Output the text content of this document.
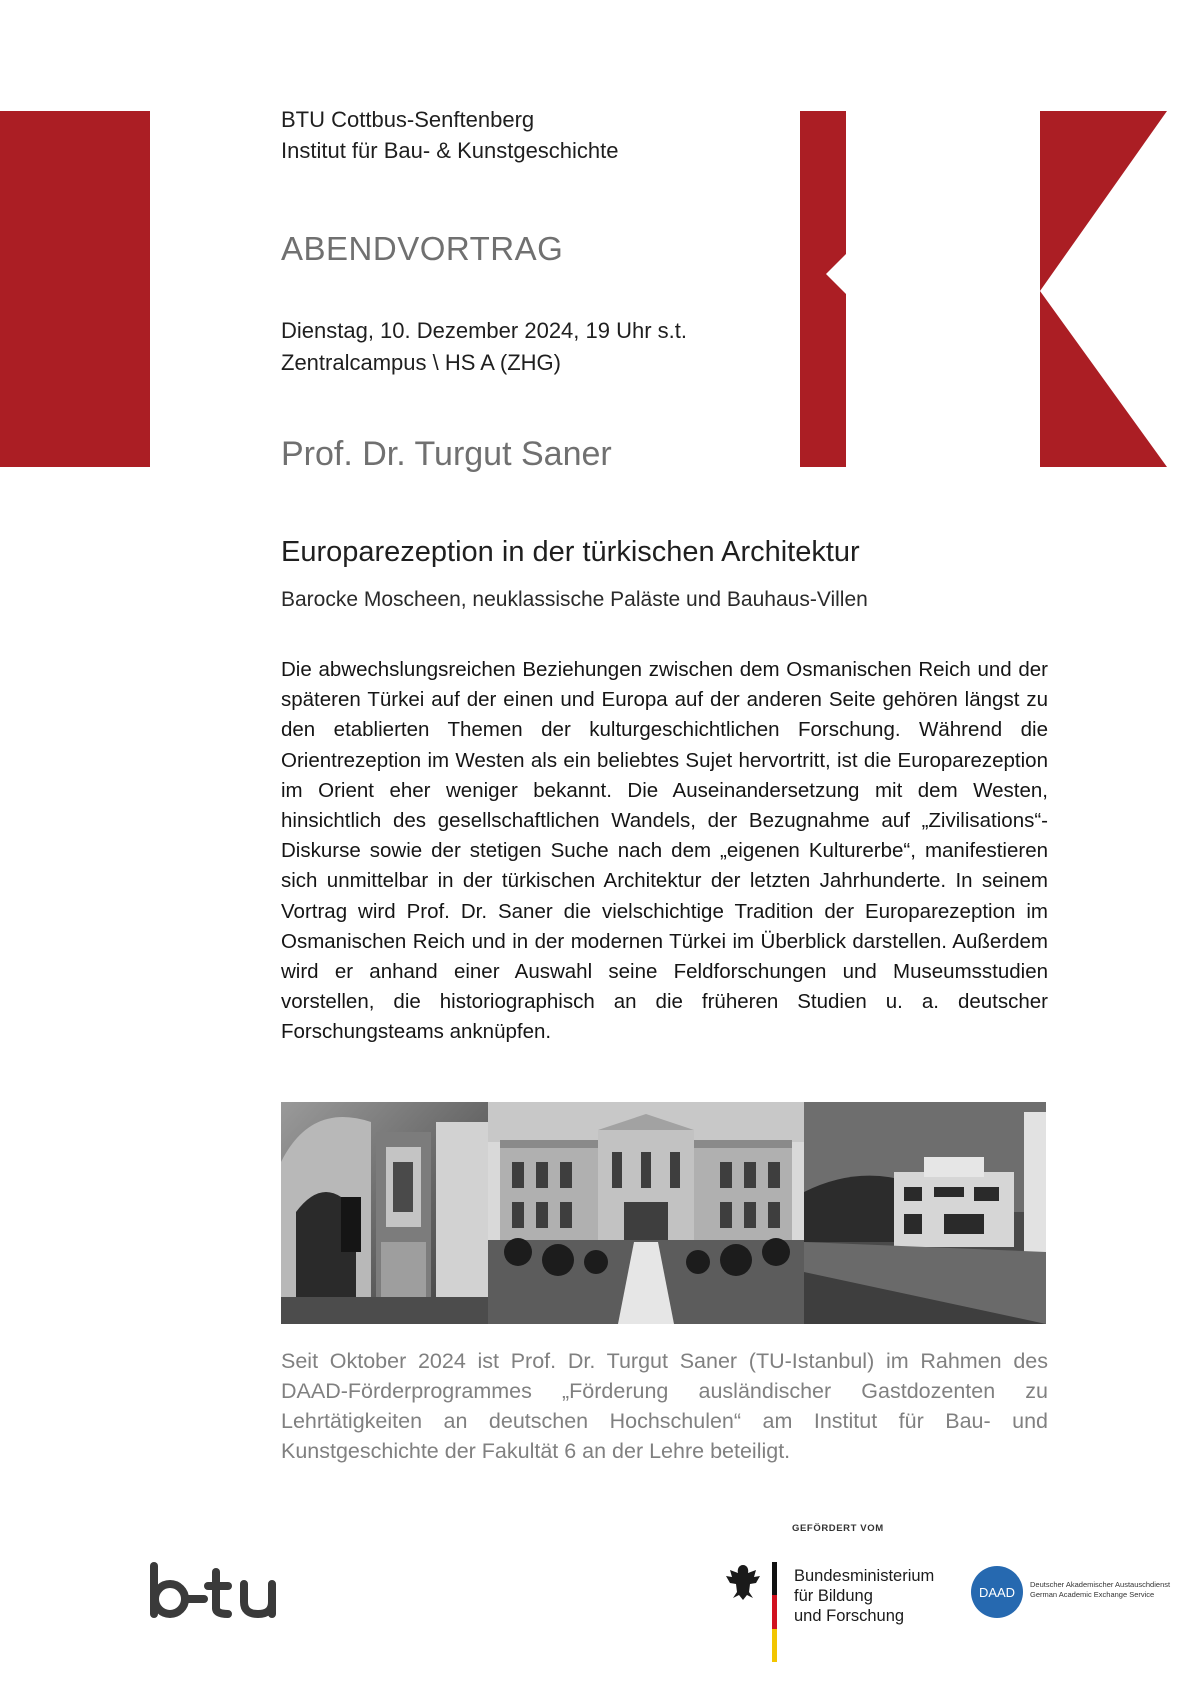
BTU Cottbus-Senftenberg
Institut für Bau- & Kunstgeschichte
ABENDVORTRAG
Dienstag, 10. Dezember 2024, 19 Uhr s.t.
Zentralcampus \ HS A (ZHG)
Prof. Dr. Turgut Saner
Europarezeption in der türkischen Architektur
Barocke Moscheen, neuklassische Paläste und Bauhaus-Villen

Die abwechslungsreichen Beziehungen zwischen dem Osmanischen Reich und der späteren Türkei auf der einen und Europa auf der anderen Seite gehören längst zu den etablierten Themen der kulturgeschichtlichen Forschung. Während die Orientrezeption im Westen als ein beliebtes Sujet hervortritt, ist die Europarezeption im Orient eher weniger bekannt. Die Auseinandersetzung mit dem Westen, hinsichtlich des gesellschaftlichen Wandels, der Bezugnahme auf „Zivilisations“-Diskurse sowie der stetigen Suche nach dem „eigenen Kulturerbe“, manifestieren sich unmittelbar in der türkischen Architektur der letzten Jahrhunderte. In seinem Vortrag wird Prof. Dr. Saner die vielschichtige Tradition der Europarezeption im Osmanischen Reich und in der modernen Türkei im Überblick darstellen. Außerdem wird er anhand einer Auswahl seine Feldforschungen und Museumsstudien vorstellen, die historiographisch an die früheren Studien u. a. deutscher Forschungsteams anknüpfen.

Seit Oktober 2024 ist Prof. Dr. Turgut Saner (TU-Istanbul) im Rahmen des DAAD-Förderprogrammes „Förderung ausländischer Gastdozenten zu Lehrtätigkeiten an deutschen Hochschulen“ am Institut für Bau- und Kunstgeschichte der Fakultät 6 an der Lehre beteiligt.

GEFÖRDERT VOM
Bundesministerium
für Bildung
und Forschung
DAAD	Deutscher Akademischer Austauschdienst
German Academic Exchange Service
